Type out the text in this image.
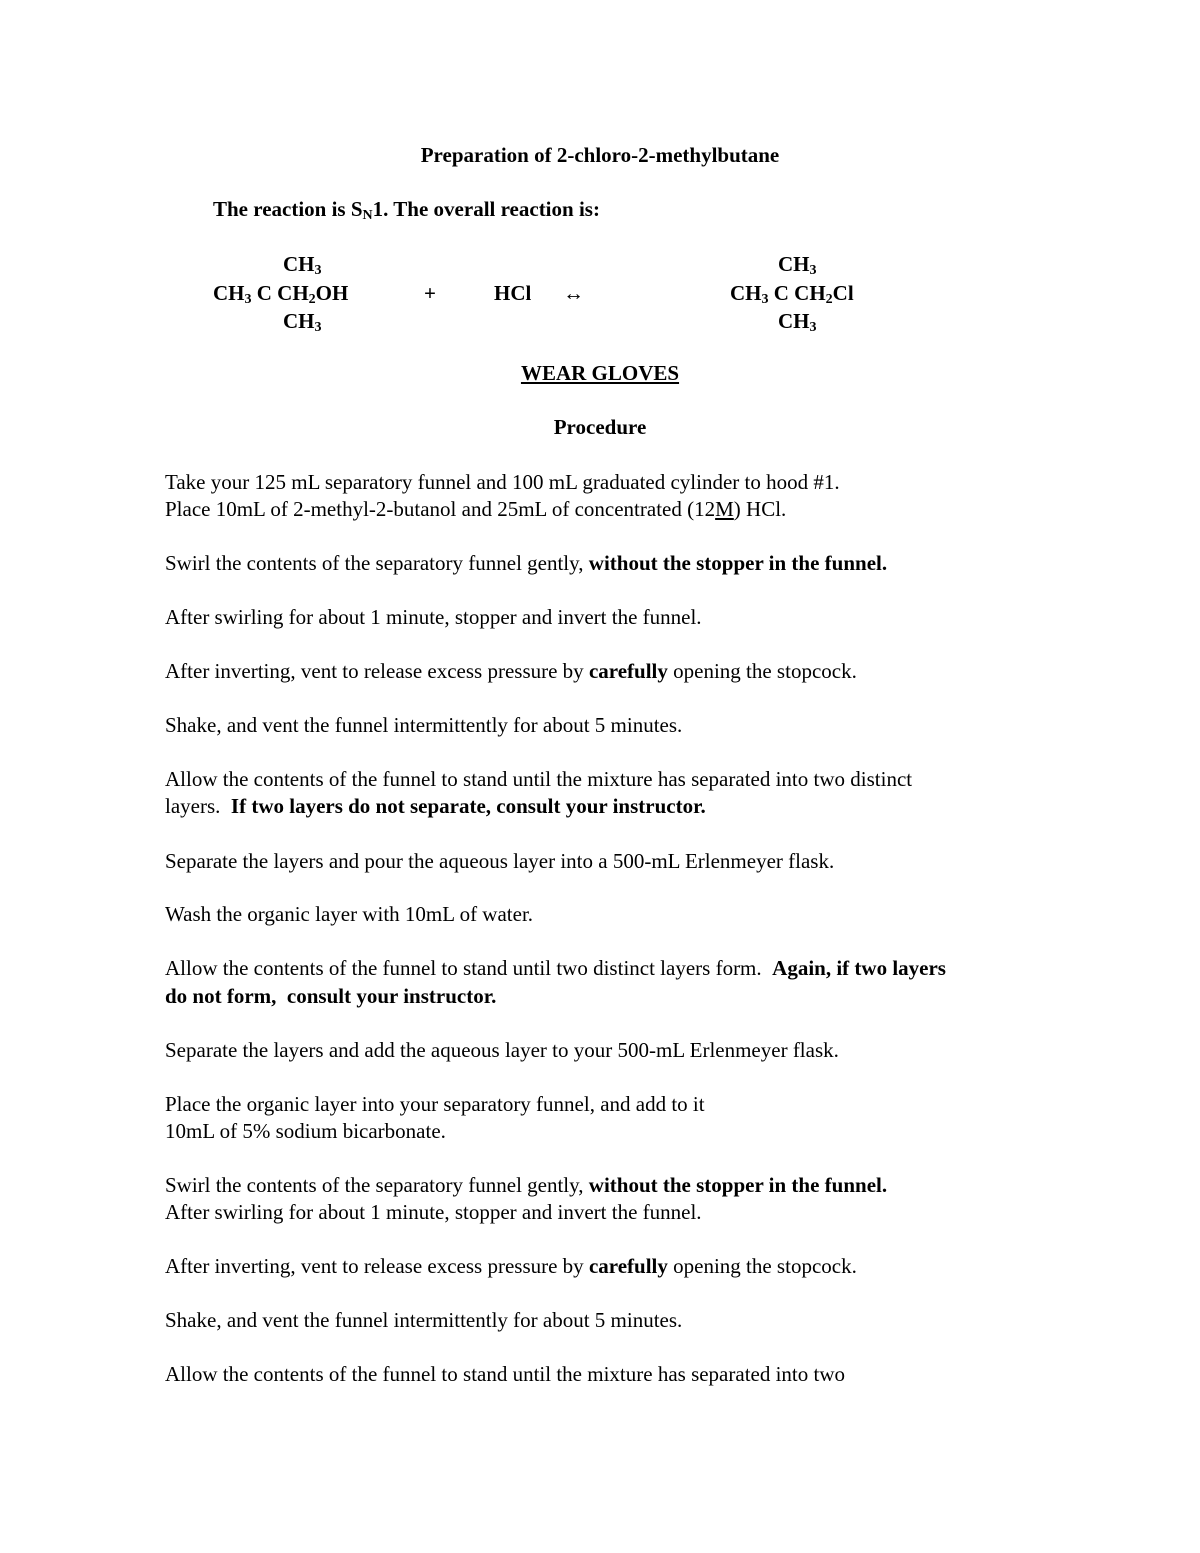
Preparation of 2-chloro-2-methylbutane
The reaction is $S_N1$. The overall reaction is:
$CH_3$
$CH_3$ C $CH_2OH$
$CH_3$
+	HCl ↔
$CH_3$
$CH_3$ C $CH_2Cl$
$CH_3$
WEAR GLOVES
Procedure
Take your 125 mL separatory funnel and 100 mL graduated cylinder to hood #1.
Place 10mL of 2-methyl-2-butanol and 25mL of concentrated (12M) HCl.
Swirl the contents of the separatory funnel gently, without the stopper in the funnel.
After swirling for about 1 minute, stopper and invert the funnel.
After inverting, vent to release excess pressure by carefully opening the stopcock.
Shake, and vent the funnel intermittently for about 5 minutes.
Allow the contents of the funnel to stand until the mixture has separated into two distinct
layers.  If two layers do not separate, consult your instructor.
Separate the layers and pour the aqueous layer into a 500-mL Erlenmeyer flask.
Wash the organic layer with 10mL of water.
Allow the contents of the funnel to stand until two distinct layers form.  Again, if two layers
do not form,  consult your instructor.
Separate the layers and add the aqueous layer to your 500-mL Erlenmeyer flask.
Place the organic layer into your separatory funnel, and add to it
10mL of 5% sodium bicarbonate.
Swirl the contents of the separatory funnel gently, without the stopper in the funnel.
After swirling for about 1 minute, stopper and invert the funnel.
After inverting, vent to release excess pressure by carefully opening the stopcock.
Shake, and vent the funnel intermittently for about 5 minutes.
Allow the contents of the funnel to stand until the mixture has separated into two
